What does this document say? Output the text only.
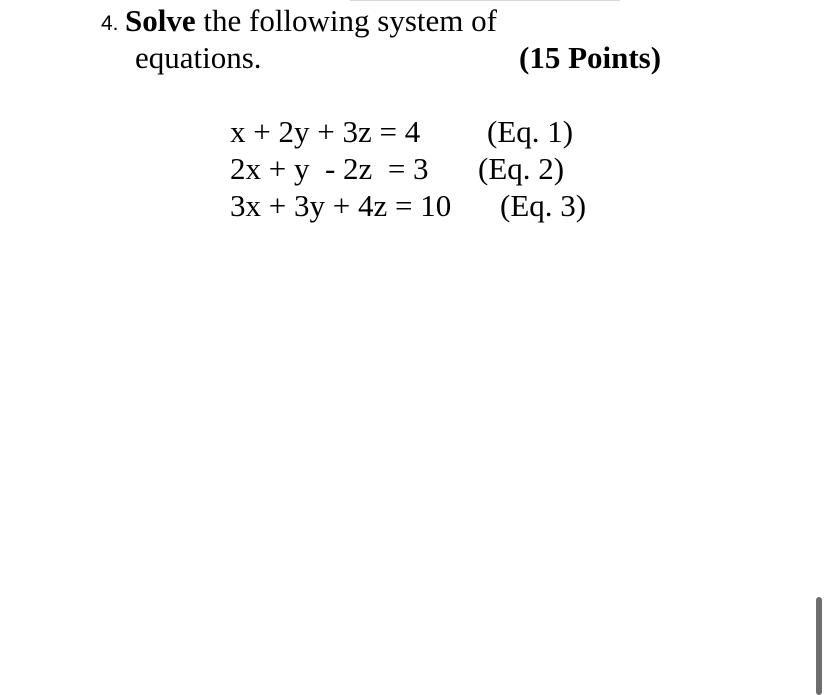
4. Solve the following system of
equations.	(15 Points)
x + 2y + 3z = 4 (Eq. 1)
2x + y  - 2z  = 3 (Eq. 2)
3x + 3y + 4z = 10 (Eq. 3)
